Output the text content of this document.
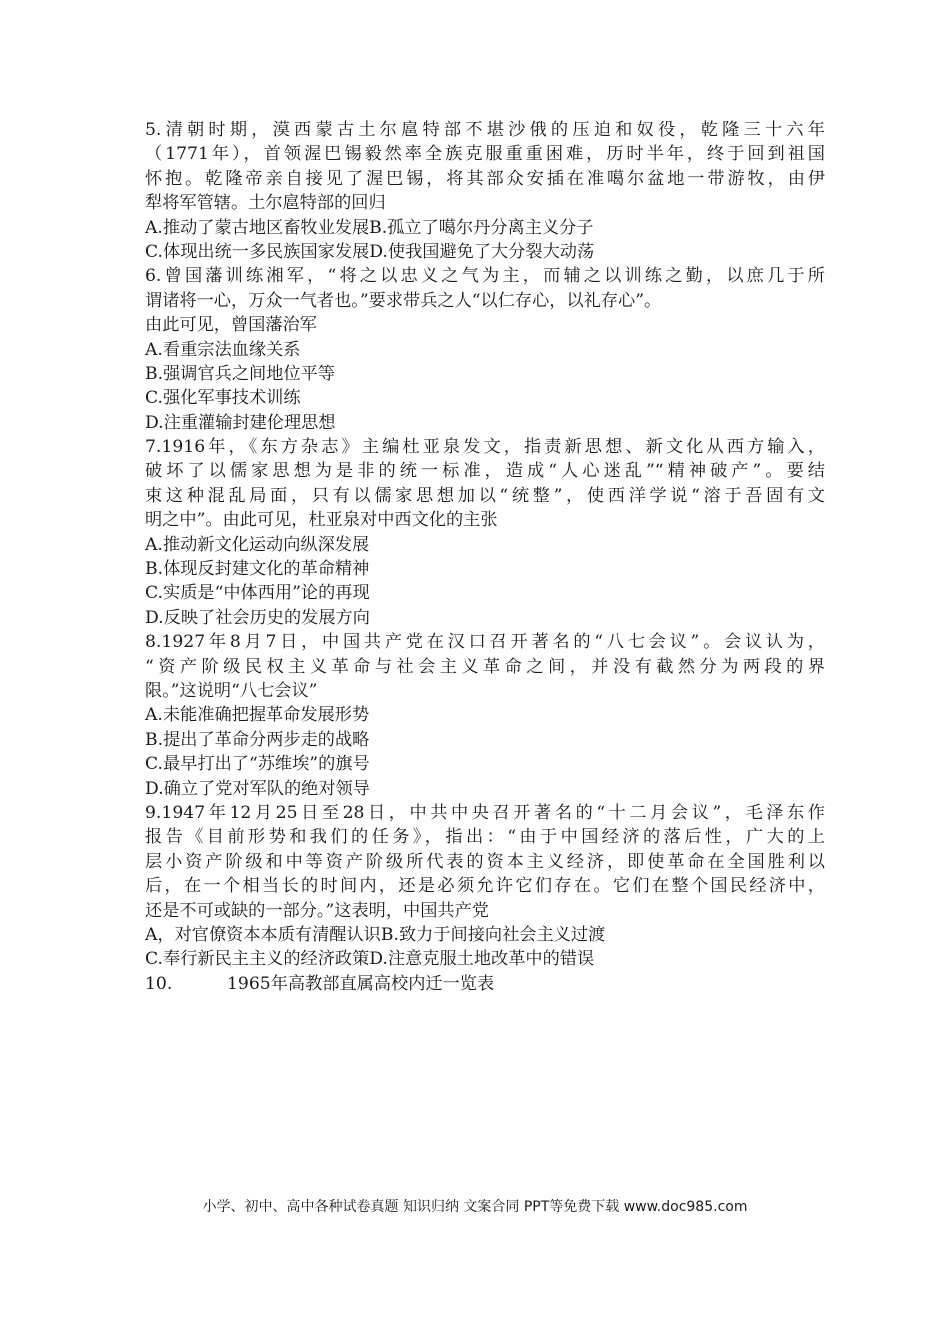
5.清朝时期，漠西蒙古土尔扈特部不堪沙俄的压迫和奴役，乾隆三十六年
（1771年），首领渥巴锡毅然率全族克服重重困难，历时半年，终于回到祖国
怀抱。乾隆帝亲自接见了渥巴锡，将其部众安插在准噶尔盆地一带游牧，由伊
犁将军管辖。土尔扈特部的回归
A.推动了蒙古地区畜牧业发展B.孤立了噶尔丹分离主义分子
C.体现出统一多民族国家发展D.使我国避免了大分裂大动荡
6.曾国藩训练湘军，“将之以忠义之气为主，而辅之以训练之勤，以庶几于所
谓诸将一心，万众一气者也。”要求带兵之人“以仁存心，以礼存心”。
由此可见，曾国藩治军
A.看重宗法血缘关系
B.强调官兵之间地位平等
C.强化军事技术训练
D.注重灌输封建伦理思想
7.1916年，《东方杂志》主编杜亚泉发文，指责新思想、新文化从西方输入，
破坏了以儒家思想为是非的统一标准，造成“人心迷乱”“精神破产”。要结
束这种混乱局面，只有以儒家思想加以“统整”，使西洋学说“溶于吾固有文
明之中”。由此可见，杜亚泉对中西文化的主张
A.推动新文化运动向纵深发展
B.体现反封建文化的革命精神
C.实质是“中体西用”论的再现
D.反映了社会历史的发展方向
8.1927年8月7日，中国共产党在汉口召开著名的“八七会议”。会议认为，
“资产阶级民权主义革命与社会主义革命之间，并没有截然分为两段的界
限。”这说明“八七会议”
A.未能准确把握革命发展形势
B.提出了革命分两步走的战略
C.最早打出了“苏维埃”的旗号
D.确立了党对军队的绝对领导
9.1947年12月25日至28日，中共中央召开著名的“十二月会议”，毛泽东作
报告《目前形势和我们的任务》，指出：“由于中国经济的落后性，广大的上
层小资产阶级和中等资产阶级所代表的资本主义经济，即使革命在全国胜利以
后，在一个相当长的时间内，还是必须允许它们存在。它们在整个国民经济中，
还是不可或缺的一部分。”这表明，中国共产党
A，对官僚资本本质有清醒认识B.致力于间接向社会主义过渡
C.奉行新民主主义的经济政策D.注意克服土地改革中的错误
10.	1965年高教部直属高校内迁一览表
小学、初中、高中各种试卷真题 知识归纳 文案合同 PPT等免费下载 www.doc985.com
